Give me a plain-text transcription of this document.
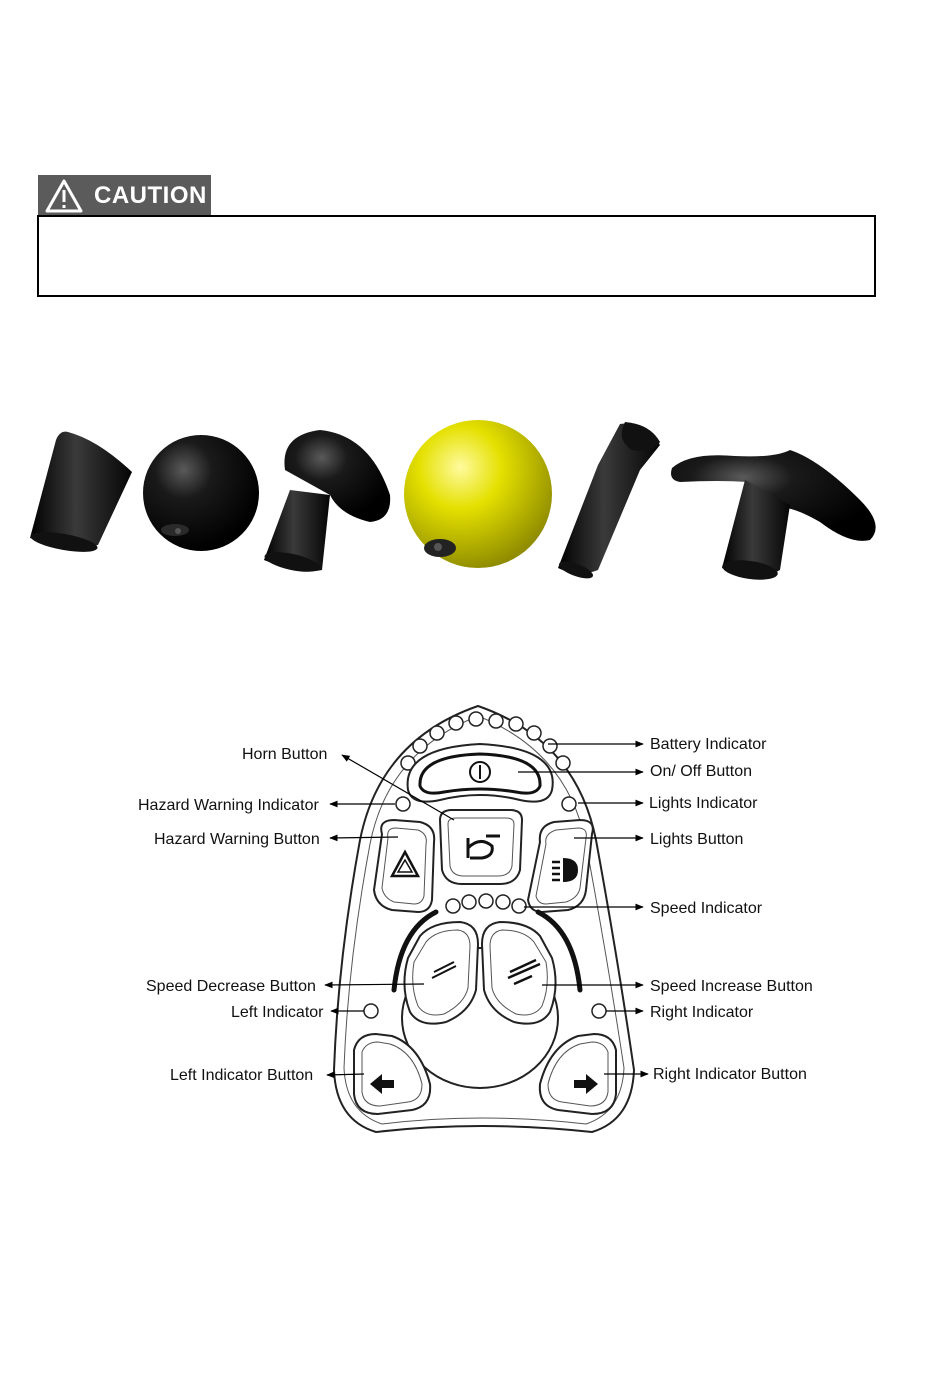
CAUTION
Horn Button
Hazard Warning Indicator
Hazard Warning Button
Speed Decrease Button
Left Indicator
Left Indicator Button
Battery Indicator
On/ Off Button
Lights Indicator
Lights Button
Speed Indicator
Speed Increase Button
Right Indicator
Right Indicator Button
